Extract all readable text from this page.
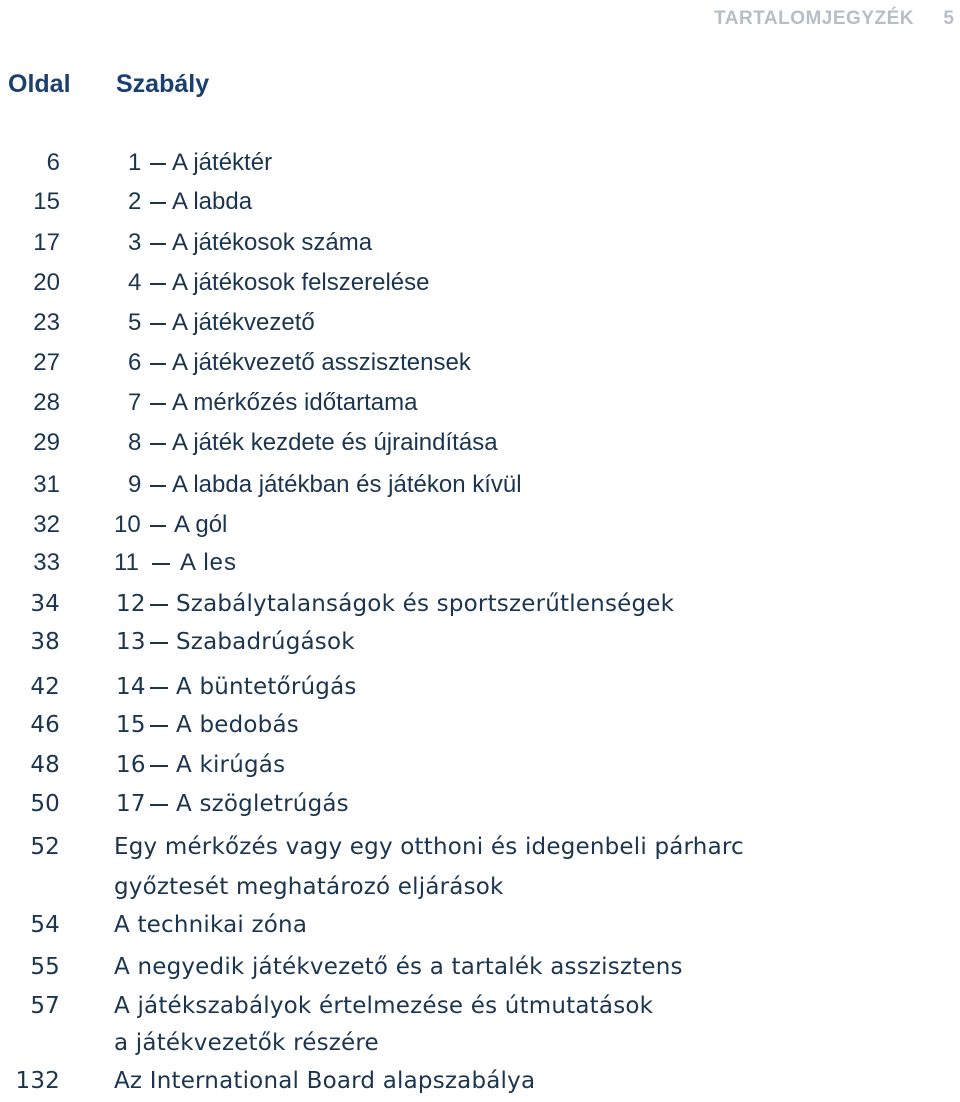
TARTALOMJEGYZÉK 5
Oldal Szabály
6	1 A játéktér
15	2 A labda
17	3 A játékosok száma
20	4 A játékosok felszerelése
23	5 A játékvezető
27	6 A játékvezető asszisztensek
28	7 A mérkőzés időtartama
29	8 A játék kezdete és újraindítása
31	9 A labda játékban és játékon kívül
32 10 A gól
33 11 A les
34 12 Szabálytalanságok és sportszerűtlenségek
38 13 Szabadrúgások
42 14 A büntetőrúgás
46 15 A bedobás
48 16 A kirúgás
50 17 A szögletrúgás
52 Egy mérkőzés vagy egy otthoni és idegenbeli párharc
győztesét meghatározó eljárások
54 A technikai zóna
55 A negyedik játékvezető és a tartalék asszisztens
57 A játékszabályok értelmezése és útmutatások
a játékvezetők részére
132 Az International Board alapszabálya
